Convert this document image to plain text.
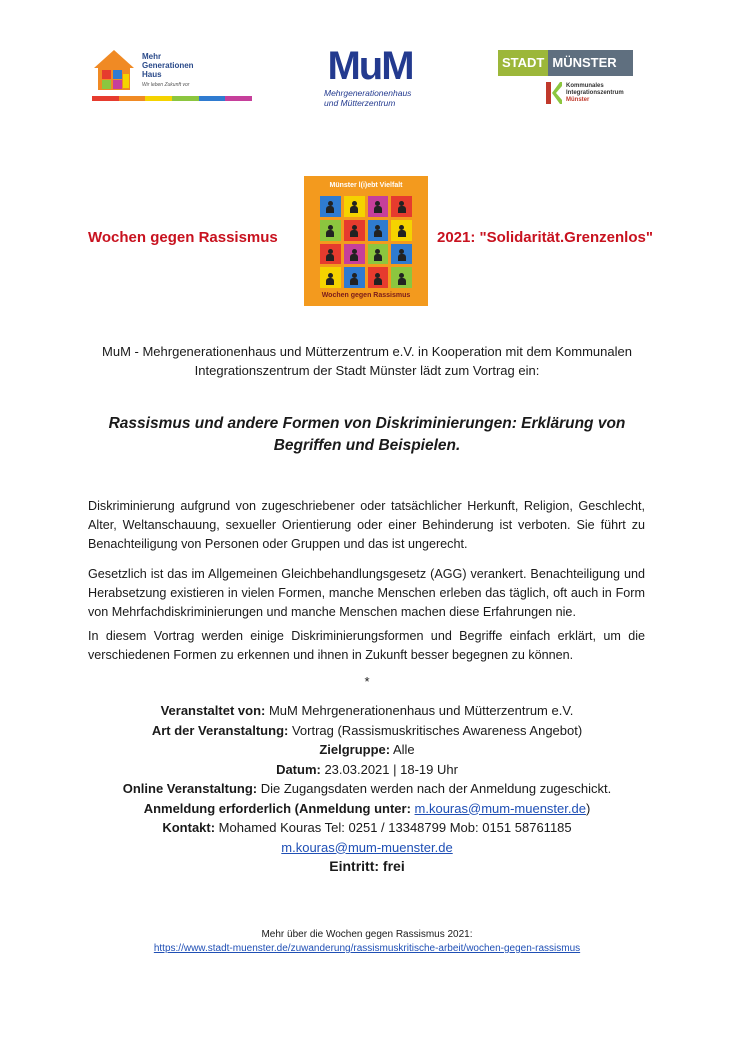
Mehr
Generationen
Haus
Wir leben Zukunft vor	MuM
Mehrgenerationenhaus
und Mütterzentrum
STADT MÜNSTER
Kommunales
Integrationszentrum
Münster
Wochen gegen Rassismus
Münster l(i)ebt Vielfalt
Wochen gegen Rassismus
2021: "Solidarität.Grenzenlos"
MuM - Mehrgenerationenhaus und Mütterzentrum e.V. in Kooperation mit dem Kommunalen
Integrationszentrum der Stadt Münster lädt zum Vortrag ein:
Rassismus und andere Formen von Diskriminierungen: Erklärung von
Begriffen und Beispielen.
Diskriminierung aufgrund von zugeschriebener oder tatsächlicher Herkunft, Religion, Geschlecht, Alter, Weltanschauung, sexueller Orientierung oder einer Behinderung ist verboten. Sie führt zu Benachteiligung von Personen oder Gruppen und das ist ungerecht.
Gesetzlich ist das im Allgemeinen Gleichbehandlungsgesetz (AGG) verankert. Benachteiligung und Herabsetzung existieren in vielen Formen, manche Menschen erleben das täglich, oft auch in Form von Mehrfachdiskriminierungen und manche Menschen machen diese Erfahrungen nie.
In diesem Vortrag werden einige Diskriminierungsformen und Begriffe einfach erklärt, um die verschiedenen Formen zu erkennen und ihnen in Zukunft besser begegnen zu können.
*
Veranstaltet von: MuM Mehrgenerationenhaus und Mütterzentrum e.V.
Art der Veranstaltung: Vortrag (Rassismuskritisches Awareness Angebot)
Zielgruppe: Alle
Datum: 23.03.2021 | 18-19 Uhr
Online Veranstaltung: Die Zugangsdaten werden nach der Anmeldung zugeschickt.
Anmeldung erforderlich (Anmeldung unter: m.kouras@mum-muenster.de)
Kontakt: Mohamed Kouras Tel: 0251 / 13348799 Mob: 0151 58761185
m.kouras@mum-muenster.de
Eintritt: frei
Mehr über die Wochen gegen Rassismus 2021:
https://www.stadt-muenster.de/zuwanderung/rassismuskritische-arbeit/wochen-gegen-rassismus
